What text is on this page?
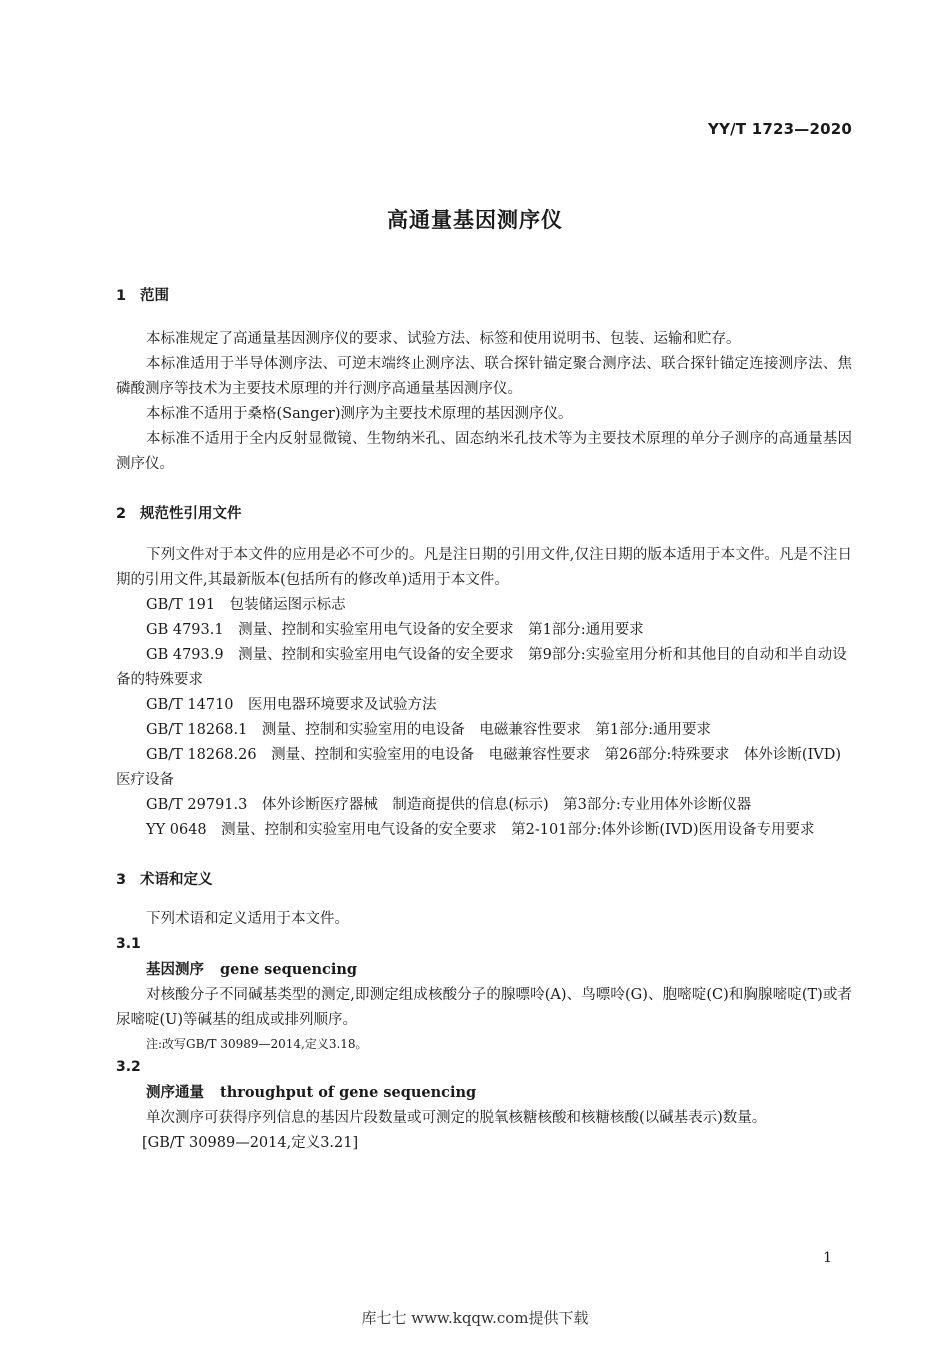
YY/T 1723—2020
高通量基因测序仪
1 范围

本标准规定了高通量基因测序仪的要求、试验方法、标签和使用说明书、包装、运输和贮存。

本标准适用于半导体测序法、可逆末端终止测序法、联合探针锚定聚合测序法、联合探针锚定连接测序法、焦磷酸测序等技术为主要技术原理的并行测序高通量基因测序仪。

本标准不适用于桑格(Sanger)测序为主要技术原理的基因测序仪。

本标准不适用于全内反射显微镜、生物纳米孔、固态纳米孔技术等为主要技术原理的单分子测序的高通量基因测序仪。

2 规范性引用文件

下列文件对于本文件的应用是必不可少的。凡是注日期的引用文件,仅注日期的版本适用于本文件。凡是不注日期的引用文件,其最新版本(包括所有的修改单)适用于本文件。

GB/T 191　包装储运图示标志

GB 4793.1　测量、控制和实验室用电气设备的安全要求　第1部分:通用要求

GB 4793.9　测量、控制和实验室用电气设备的安全要求　第9部分:实验室用分析和其他目的自动和半自动设备的特殊要求

GB/T 14710　医用电器环境要求及试验方法

GB/T 18268.1　测量、控制和实验室用的电设备　电磁兼容性要求　第1部分:通用要求

GB/T 18268.26　测量、控制和实验室用的电设备　电磁兼容性要求　第26部分:特殊要求　体外诊断(IVD)医疗设备

GB/T 29791.3　体外诊断医疗器械　制造商提供的信息(标示)　第3部分:专业用体外诊断仪器

YY 0648　测量、控制和实验室用电气设备的安全要求　第2-101部分:体外诊断(IVD)医用设备专用要求

3 术语和定义

下列术语和定义适用于本文件。

3.1

基因测序 gene sequencing

对核酸分子不同碱基类型的测定,即测定组成核酸分子的腺嘌呤(A)、鸟嘌呤(G)、胞嘧啶(C)和胸腺嘧啶(T)或者尿嘧啶(U)等碱基的组成或排列顺序。

注:改写GB/T 30989—2014,定义3.18。

3.2

测序通量 throughput of gene sequencing

单次测序可获得序列信息的基因片段数量或可测定的脱氧核糖核酸和核糖核酸(以碱基表示)数量。

[GB/T 30989—2014,定义3.21]

1
库七七 www.kqqw.com提供下载
